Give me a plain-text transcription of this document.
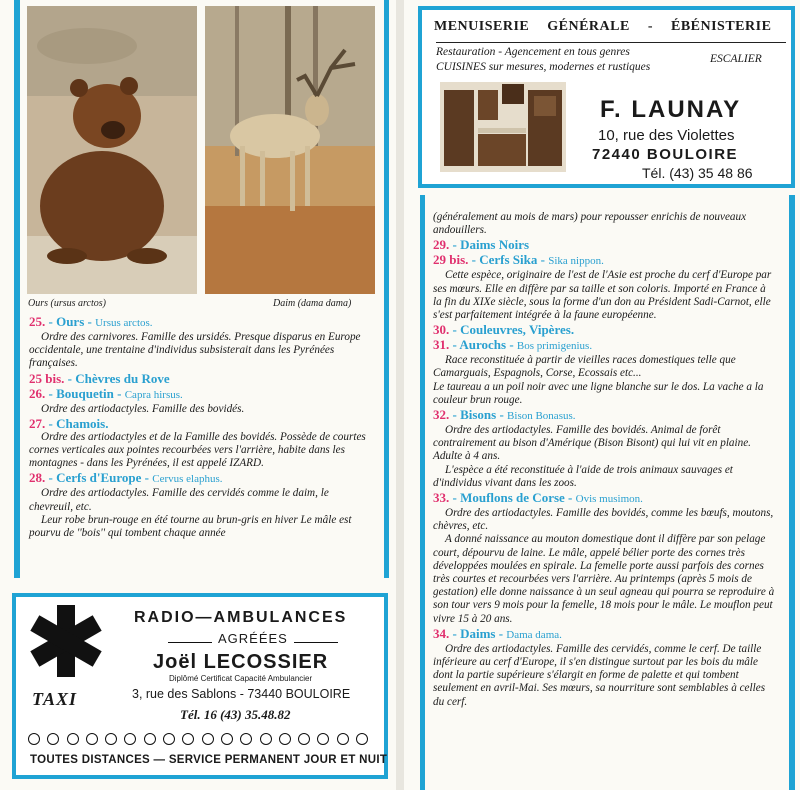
Ours (ursus arctos)	Daim (dama dama)
25. - Ours - Ursus arctos.

Ordre des carnivores. Famille des ursidés. Presque disparus en Europe occidentale, une trentaine d'individus subsisterait dans les Pyrénées françaises.

25 bis. - Chèvres du Rove
26. - Bouquetin - Capra hirsus.

Ordre des artiodactyles. Famille des bovidés.

27. - Chamois.

Ordre des artiodactyles et de la Famille des bovidés. Possède de courtes cornes verticales aux pointes recourbées vers l'arrière, habite dans les montagnes - dans les Pyrénées, il est appelé IZARD.

28. - Cerfs d'Europe - Cervus elaphus.

Ordre des artiodactyles. Famille des cervidés comme le daim, le chevreuil, etc.

Leur robe brun-rouge en été tourne au brun-gris en hiver Le mâle est pourvu de ''bois'' qui tombent chaque année

RADIO—AMBULANCES
AGRÉÉES
Joël LECOSSIER
Diplômé Certificat Capacité Ambulancier
TAXI	3, rue des Sablons - 73440 BOULOIRE
Tél. 16 (43) 35.48.82
TOUTES DISTANCES — SERVICE PERMANENT JOUR ET NUIT
MENUISERIE GÉNÉRALE - ÉBÉNISTERIE
Restauration - Agencement en tous genres
CUISINES sur mesures, modernes et rustiques
ESCALIER
F. LAUNAY
10, rue des Violettes
72440 BOULOIRE
Tél. (43) 35 48 86

(généralement au mois de mars) pour repousser enrichis de nouveaux andouillers.

29. - Daims Noirs
29 bis. - Cerfs Sika - Sika nippon.

Cette espèce, originaire de l'est de l'Asie est proche du cerf d'Europe par ses mœurs. Elle en diffère par sa taille et son coloris. Importé en France à la fin du XIXe siècle, sous la forme d'un don au Président Sadi-Carnot, elle s'est parfaitement intégrée à la faune européenne.

30. - Couleuvres, Vipères.
31. - Aurochs - Bos primigenius.

Race reconstituée à partir de vieilles races domestiques telle que Camarguais, Espagnols, Corse, Ecossais etc...

Le taureau a un poil noir avec une ligne blanche sur le dos. La vache a la couleur brun rouge.

32. - Bisons - Bison Bonasus.

Ordre des artiodactyles. Famille des bovidés. Animal de forêt contrairement au bison d'Amérique (Bison Bisont) qui lui vit en plaine. Adulte à 4 ans.

L'espèce a été reconstituée à l'aide de trois animaux sauvages et d'individus vivant dans les zoos.

33. - Mouflons de Corse - Ovis musimon.

Ordre des artiodactyles. Famille des bovidés, comme les bœufs, moutons, chèvres, etc.

A donné naissance au mouton domestique dont il diffère par son pelage court, dépourvu de laine. Le mâle, appelé bélier porte des cornes très développées moulées en spirale. La femelle porte aussi parfois des cornes très courtes et recourbées vers l'arrière. Au printemps (après 5 mois de gestation) elle donne naissance à un seul agneau qui pourra se reproduire à son tour vers 9 mois pour la femelle, 18 mois pour le mâle. Le mouflon peut vivre 15 à 20 ans.

34. - Daims - Dama dama.

Ordre des artiodactyles. Famille des cervidés, comme le cerf. De taille inférieure au cerf d'Europe, il s'en distingue surtout par les bois du mâle dont la partie supérieure s'élargit en forme de palette et qui tombent seulement en avril-Mai. Ses mœurs, sa nourriture sont semblables à celles du cerf.
